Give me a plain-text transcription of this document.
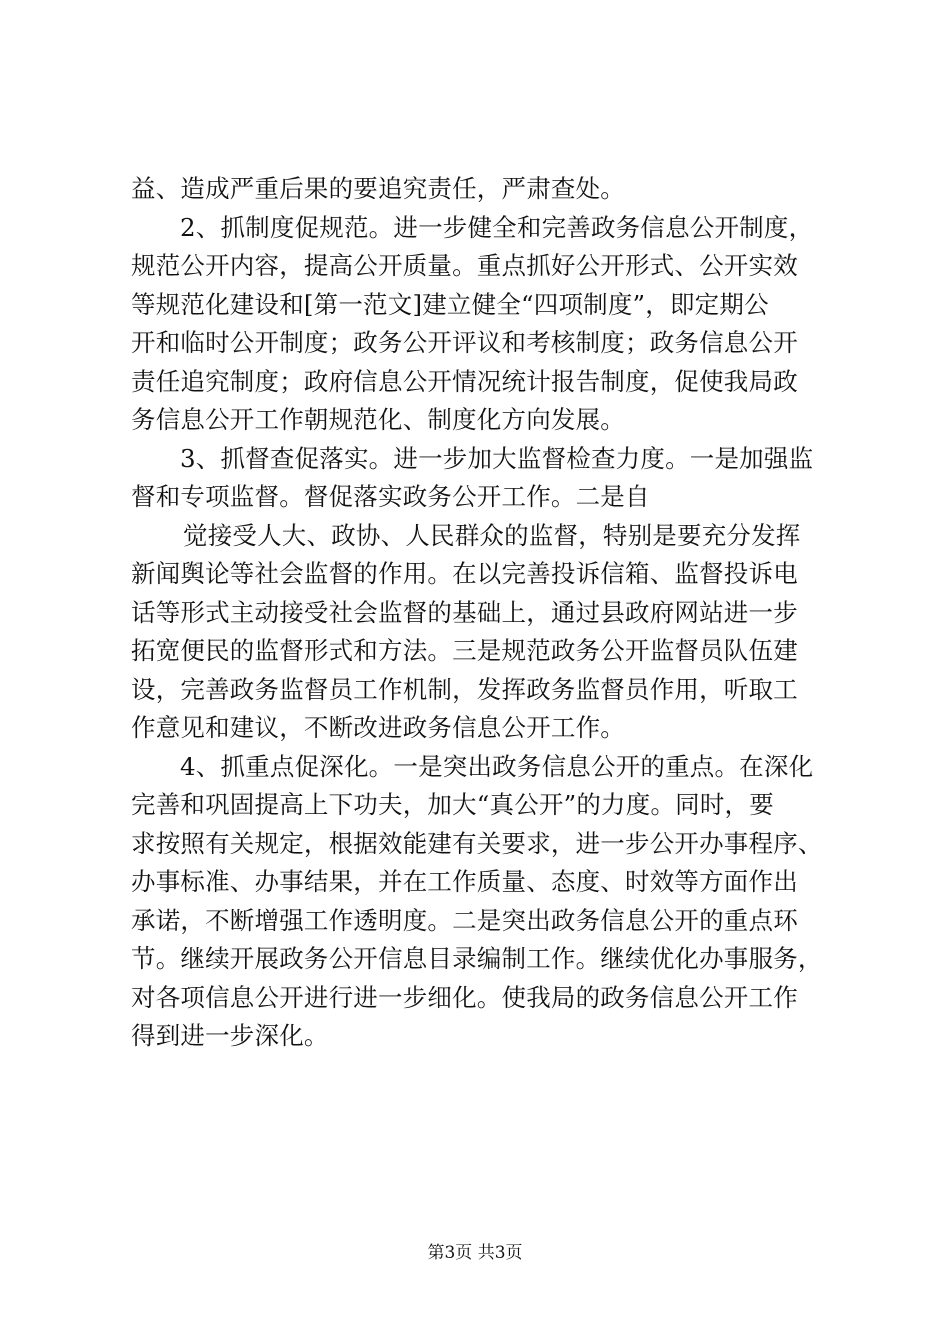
益、造成严重后果的要追究责任，严肃查处。
2、抓制度促规范。进一步健全和完善政务信息公开制度，
规范公开内容，提高公开质量。重点抓好公开形式、公开实效
等规范化建设和[第一范文]建立健全“四项制度”，即定期公
开和临时公开制度；政务公开评议和考核制度；政务信息公开
责任追究制度；政府信息公开情况统计报告制度，促使我局政
务信息公开工作朝规范化、制度化方向发展。
3、抓督查促落实。进一步加大监督检查力度。一是加强监
督和专项监督。督促落实政务公开工作。二是自
觉接受人大、政协、人民群众的监督，特别是要充分发挥
新闻舆论等社会监督的作用。在以完善投诉信箱、监督投诉电
话等形式主动接受社会监督的基础上，通过县政府网站进一步
拓宽便民的监督形式和方法。三是规范政务公开监督员队伍建
设，完善政务监督员工作机制，发挥政务监督员作用，听取工
作意见和建议，不断改进政务信息公开工作。
4、抓重点促深化。一是突出政务信息公开的重点。在深化
完善和巩固提高上下功夫，加大“真公开”的力度。同时，要
求按照有关规定，根据效能建有关要求，进一步公开办事程序、
办事标准、办事结果，并在工作质量、态度、时效等方面作出
承诺，不断增强工作透明度。二是突出政务信息公开的重点环
节。继续开展政务公开信息目录编制工作。继续优化办事服务，
对各项信息公开进行进一步细化。使我局的政务信息公开工作
得到进一步深化。
第3页 共3页
